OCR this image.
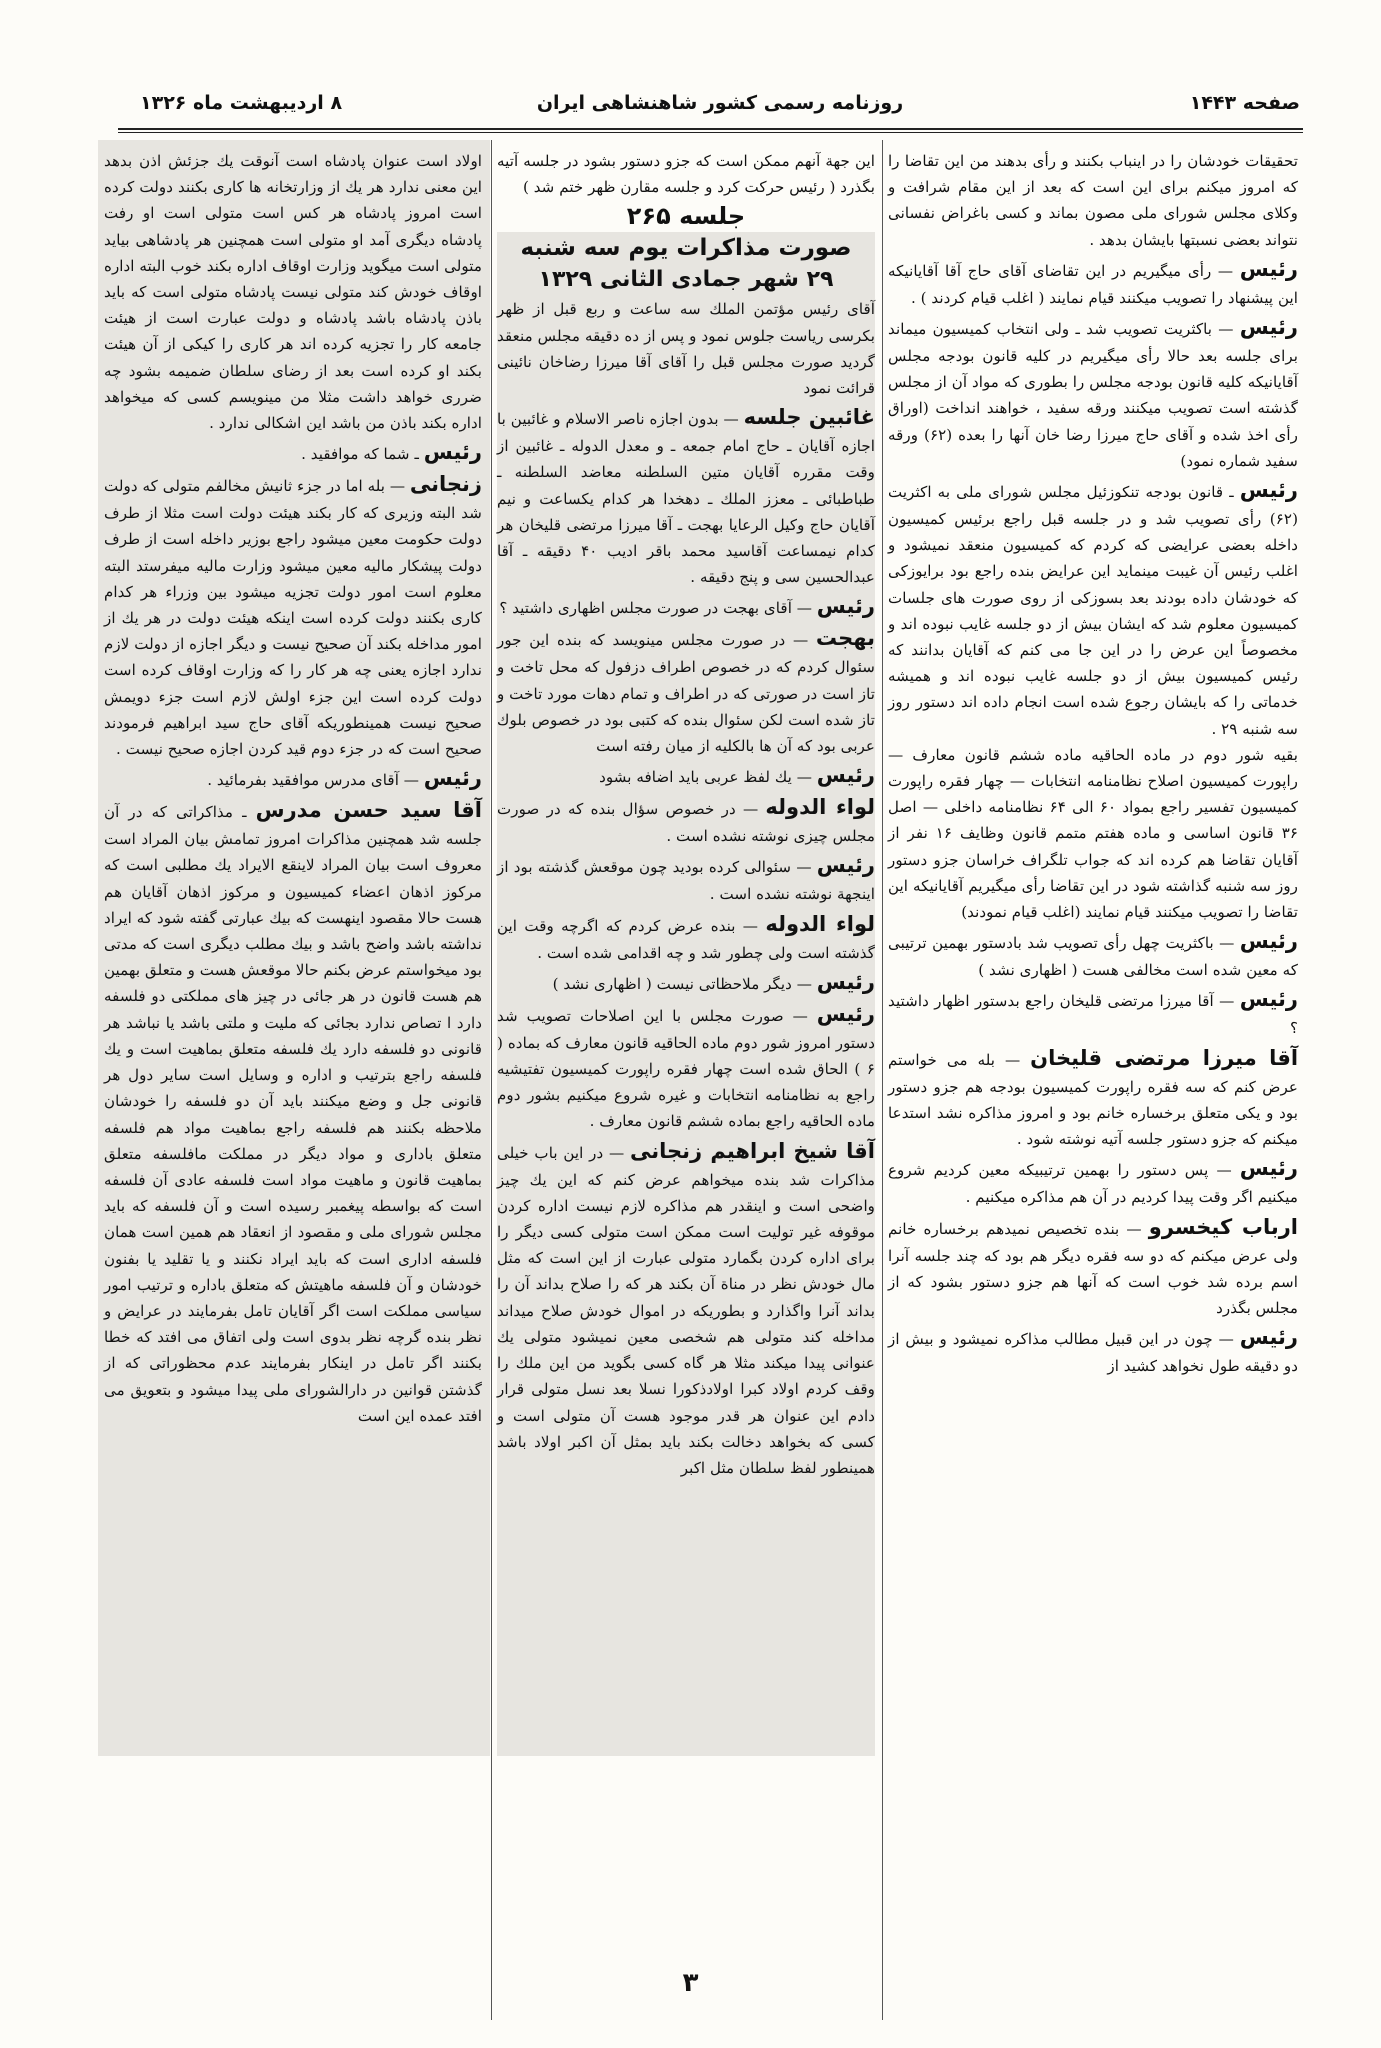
صفحه ۱۴۴۳
روزنامه رسمی کشور شاهنشاهی ایران
۸ اردیبهشت ماه ۱۳۲۶

تحقیقات خودشان را در اینباب بکنند و رأی بدهند من این تقاضا را که امروز میکنم برای این است که بعد از این مقام شرافت و وکلای مجلس شورای ملی مصون بماند و کسی باغراض نفسانی نتواند بعضی نسبتها بایشان بدهد .

رئیس — رأی میگیریم در این تقاضای آقای حاج آقا آقایانیکه این پیشنهاد را تصویب میکنند قیام نمایند ( اغلب قیام کردند ) .

رئیس — باکثریت تصویب شد ـ ولی انتخاب کمیسیون میماند برای جلسه بعد حالا رأی میگیریم در کلیه قانون بودجه مجلس آقایانیکه کلیه قانون بودجه مجلس را بطوری که مواد آن از مجلس گذشته است تصویب میکنند ورقه سفید ، خواهند انداخت (اوراق رأی اخذ شده و آقای حاج میرزا رضا خان آنها را بعده (۶۲) ورقه سفید شماره نمود)

رئیس ـ قانون بودجه تنکوزئیل مجلس شورای ملی به اکثریت (۶۲) رأی تصویب شد و در جلسه قبل راجع برئیس کمیسیون داخله بعضی عرایضی که کردم که کمیسیون منعقد نمیشود و اغلب رئیس آن غیبت مینماید این عرایض بنده راجع بود برایوزکی که خودشان داده بودند بعد بسوزکی از روی صورت های جلسات کمیسیون معلوم شد که ایشان بیش از دو جلسه غایب نبوده اند و مخصوصاً این عرض را در این جا می کنم که آقایان بدانند که رئیس کمیسیون بیش از دو جلسه غایب نبوده اند و همیشه خدماتی را که بایشان رجوع شده است انجام داده اند دستور روز سه شنبه ۲۹ .

بقیه شور دوم در ماده الحاقیه ماده ششم قانون معارف — راپورت کمیسیون اصلاح نظامنامه انتخابات — چهار فقره راپورت کمیسیون تفسیر راجع بمواد ۶۰ الی ۶۴ نظامنامه داخلی — اصل ۳۶ قانون اساسی و ماده هفتم متمم قانون وظایف ۱۶ نفر از آقایان تقاضا هم کرده اند که جواب تلگراف خراسان جزو دستور روز سه شنبه گذاشته شود در این تقاضا رأی میگیریم آقایانیکه این تقاضا را تصویب میکنند قیام نمایند (اغلب قیام نمودند)

رئیس — باکثریت چهل رأی تصویب شد بادستور بهمین ترتیبی که معین شده است مخالفی هست ( اظهاری نشد )

رئیس — آقا میرزا مرتضی قلیخان راجع بدستور اظهار داشتید ؟

آقا میرزا مرتضی قلیخان — بله می خواستم عرض کنم که سه فقره راپورت کمیسیون بودجه هم جزو دستور بود و یکی متعلق برخساره خانم بود و امروز مذاکره نشد استدعا میکنم که جزو دستور جلسه آتیه نوشته شود .

رئیس — پس دستور را بهمین ترتیبیکه معین کردیم شروع میکنیم اگر وقت پیدا کردیم در آن هم مذاکره میکنیم .

ارباب کیخسرو — بنده تخصیص نمیدهم برخساره خانم ولی عرض میکنم که دو سه فقره دیگر هم بود که چند جلسه آنرا اسم برده شد خوب است که آنها هم جزو دستور بشود که از مجلس بگذرد

رئیس — چون در این قبیل مطالب مذاکره نمیشود و بیش از دو دقیقه طول نخواهد کشید از

این جهة آنهم ممکن است که جزو دستور بشود در جلسه آتیه بگذرد ( رئیس حرکت کرد و جلسه مقارن ظهر ختم شد )

جلسه ۲۶۵
صورت مذاکرات یوم سه شنبه
۲۹ شهر جمادی الثانی ۱۳۲۹

آقای رئیس مؤتمن الملك سه ساعت و ربع قبل از ظهر بکرسی ریاست جلوس نمود و پس از ده دقیقه مجلس منعقد گردید صورت مجلس قبل را آقای آقا میرزا رضاخان نائینی قرائت نمود

غائبین جلسه — بدون اجازه ناصر الاسلام و غائبین با اجازه آقایان ـ حاج امام جمعه ـ و معدل الدوله ـ غائبین از وقت مقرره آقایان متین السلطنه معاضد السلطنه ـ طباطبائی ـ معزز الملك ـ دهخدا هر کدام یکساعت و نیم آقایان حاج وکیل الرعایا بهجت ـ آقا میرزا مرتضی قلیخان هر کدام نیمساعت آقاسید محمد باقر ادیب ۴۰ دقیقه ـ آقا عبدالحسین سی و پنج دقیقه .

رئیس — آقای بهجت در صورت مجلس اظهاری داشتید ؟

بهجت — در صورت مجلس مینویسد که بنده این جور سئوال کردم که در خصوص اطراف دزفول که محل تاخت و تاز است در صورتی که در اطراف و تمام دهات مورد تاخت و تاز شده است لکن سئوال بنده که کتبی بود در خصوص بلوك عربی بود که آن ها بالکلیه از میان رفته است

رئیس — یك لفظ عربی باید اضافه بشود

لواء الدوله — در خصوص سؤال بنده که در صورت مجلس چیزی نوشته نشده است .

رئیس — سئوالی کرده بودید چون موقعش گذشته بود از اینجهة نوشته نشده است .

لواء الدوله — بنده عرض کردم که اگرچه وقت این گذشته است ولی چطور شد و چه اقدامی شده است .

رئیس — دیگر ملاحظاتی نیست ( اظهاری نشد )

رئیس — صورت مجلس با این اصلاحات تصویب شد دستور امروز شور دوم ماده الحاقیه قانون معارف که بماده ( ۶ ) الحاق شده است چهار فقره راپورت کمیسیون تفتیشیه راجع به نظامنامه انتخابات و غیره شروع میکنیم بشور دوم ماده الحاقیه راجع بماده ششم قانون معارف .

آقا شیخ ابراهیم زنجانی — در این باب خیلی مذاکرات شد بنده میخواهم عرض کنم که این یك چیز واضحی است و اینقدر هم مذاکره لازم نیست اداره کردن موقوفه غیر تولیت است ممکن است متولی کسی دیگر را برای اداره کردن بگمارد متولی عبارت از این است که مثل مال خودش نظر در مناة آن بکند هر که را صلاح بداند آن را بداند آنرا واگذارد و بطوریکه در اموال خودش صلاح میداند مداخله کند متولی هم شخصی معین نمیشود متولی یك عنوانی پیدا میکند مثلا هر گاه کسی بگوید من این ملك را وقف کردم اولاد کبرا اولادذکورا نسلا بعد نسل متولی قرار دادم این عنوان هر قدر موجود هست آن متولی است و کسی که بخواهد دخالت بکند باید بمثل آن اکبر اولاد باشد همینطور لفظ سلطان مثل اکبر

اولاد است عنوان پادشاه است آنوقت یك جزئش اذن بدهد این معنی ندارد هر یك از وزارتخانه ها کاری بکنند دولت کرده است امروز پادشاه هر کس است متولی است او رفت پادشاه دیگری آمد او متولی است همچنین هر پادشاهی بیاید متولی است میگوید وزارت اوقاف اداره بکند خوب البته اداره اوقاف خودش کند متولی نیست پادشاه متولی است که باید باذن پادشاه باشد پادشاه و دولت عبارت است از هیئت جامعه کار را تجزیه کرده اند هر کاری را کیکی از آن هیئت بکند او کرده است بعد از رضای سلطان ضمیمه بشود چه ضرری خواهد داشت مثلا من مینویسم کسی که میخواهد اداره بکند باذن من باشد این اشکالی ندارد .

رئیس ـ شما که موافقید .

زنجانی — بله اما در جزء ثانیش مخالفم متولی که دولت شد البته وزیری که کار بکند هیئت دولت است مثلا از طرف دولت حکومت معین میشود راجع بوزیر داخله است از طرف دولت پیشکار مالیه معین میشود وزارت مالیه میفرستد البته معلوم است امور دولت تجزیه میشود بین وزراء هر کدام کاری بکنند دولت کرده است اینکه هیئت دولت در هر یك از امور مداخله بکند آن صحیح نیست و دیگر اجازه از دولت لازم ندارد اجازه یعنی چه هر کار را که وزارت اوقاف کرده است دولت کرده است این جزء اولش لازم است جزء دویمش صحیح نیست همینطوریکه آقای حاج سید ابراهیم فرمودند صحیح است که در جزء دوم قید کردن اجازه صحیح نیست .

رئیس — آقای مدرس موافقید بفرمائید .

آقا سید حسن مدرس ـ مذاکراتی که در آن جلسه شد همچنین مذاکرات امروز تمامش بیان المراد است معروف است بیان المراد لاینقع الایراد یك مطلبی است که مرکوز اذهان اعضاء کمیسیون و مرکوز اذهان آقایان هم هست حالا مقصود اینهست که بیك عبارتی گفته شود که ایراد نداشته باشد واضح باشد و بیك مطلب دیگری است که مدتی بود میخواستم عرض بکنم حالا موقعش هست و متعلق بهمین هم هست قانون در هر جائی در چیز های مملکتی دو فلسفه دارد ا تصاص ندارد بجائی که ملیت و ملتی باشد یا نباشد هر قانونی دو فلسفه دارد یك فلسفه متعلق بماهیت است و یك فلسفه راجع بترتیب و اداره و وسایل است سایر دول هر قانونی جل و وضع میکنند باید آن دو فلسفه را خودشان ملاحظه بکنند هم فلسفه راجع بماهیت مواد هم فلسفه متعلق باداری و مواد دیگر در مملکت مافلسفه متعلق بماهیت قانون و ماهیت مواد است فلسفه عادی آن فلسفه است که بواسطه پیغمبر رسیده است و آن فلسفه که باید مجلس شورای ملی و مقصود از انعقاد هم همین است همان فلسفه اداری است که باید ایراد نکنند و یا تقلید یا بفنون خودشان و آن فلسفه ماهیتش که متعلق باداره و ترتیب امور سیاسی مملکت است اگر آقایان تامل بفرمایند در عرایض و نظر بنده گرچه نظر بدوی است ولی اتفاق می افتد که خطا بکنند اگر تامل در اینکار بفرمایند عدم محظوراتی که از گذشتن قوانین در دارالشورای ملی پیدا میشود و بتعویق می افتد عمده این است

۳
